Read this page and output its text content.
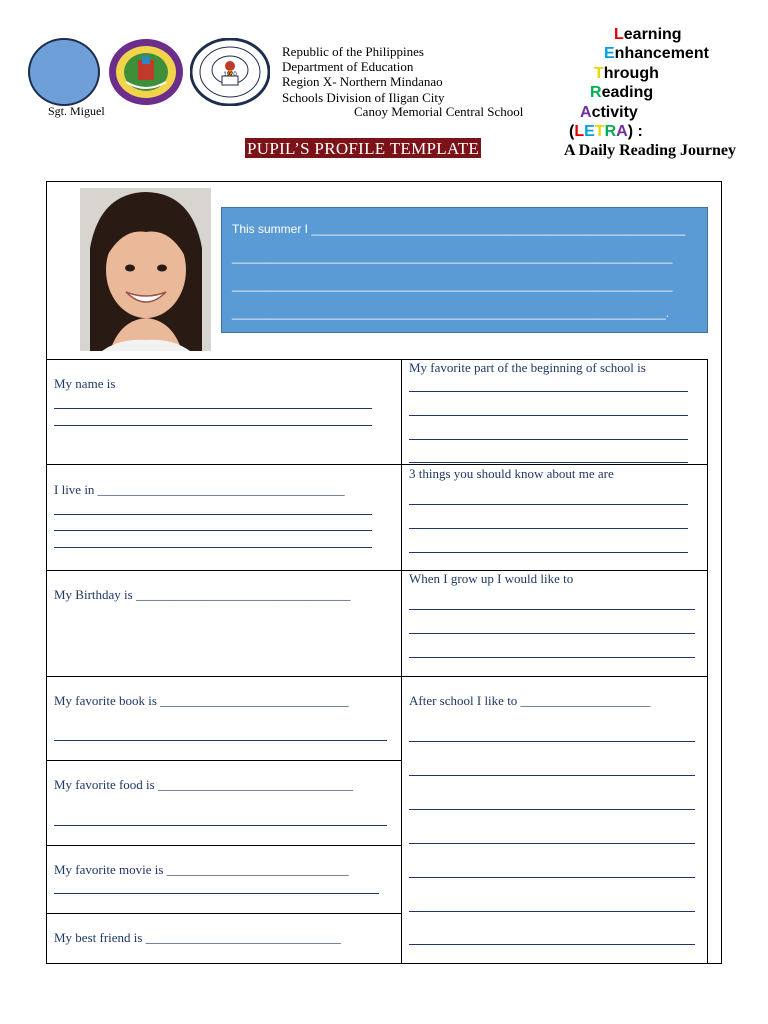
1920
Republic of the Philippines
Department of Education
Region X- Northern Mindanao
Schools Division of Iligan City
Canoy Memorial Central School
Sgt. Miguel
Learning
Enhancement
Through
Reading
Activity
(LETRA) :
A Daily Reading Journey
PUPIL’S PROFILE TEMPLATE
This summer I ________________________________________________________
__________________________________________________________________
__________________________________________________________________
_________________________________________________________________.
My name is
I live in ______________________________________
My Birthday is _________________________________
My favorite book is _____________________________
My favorite food is ______________________________
My favorite movie is ____________________________
My best friend is ______________________________
My favorite part of the beginning of school is
3 things you should know about me are
When I grow up I would like to
After school I like to ____________________
